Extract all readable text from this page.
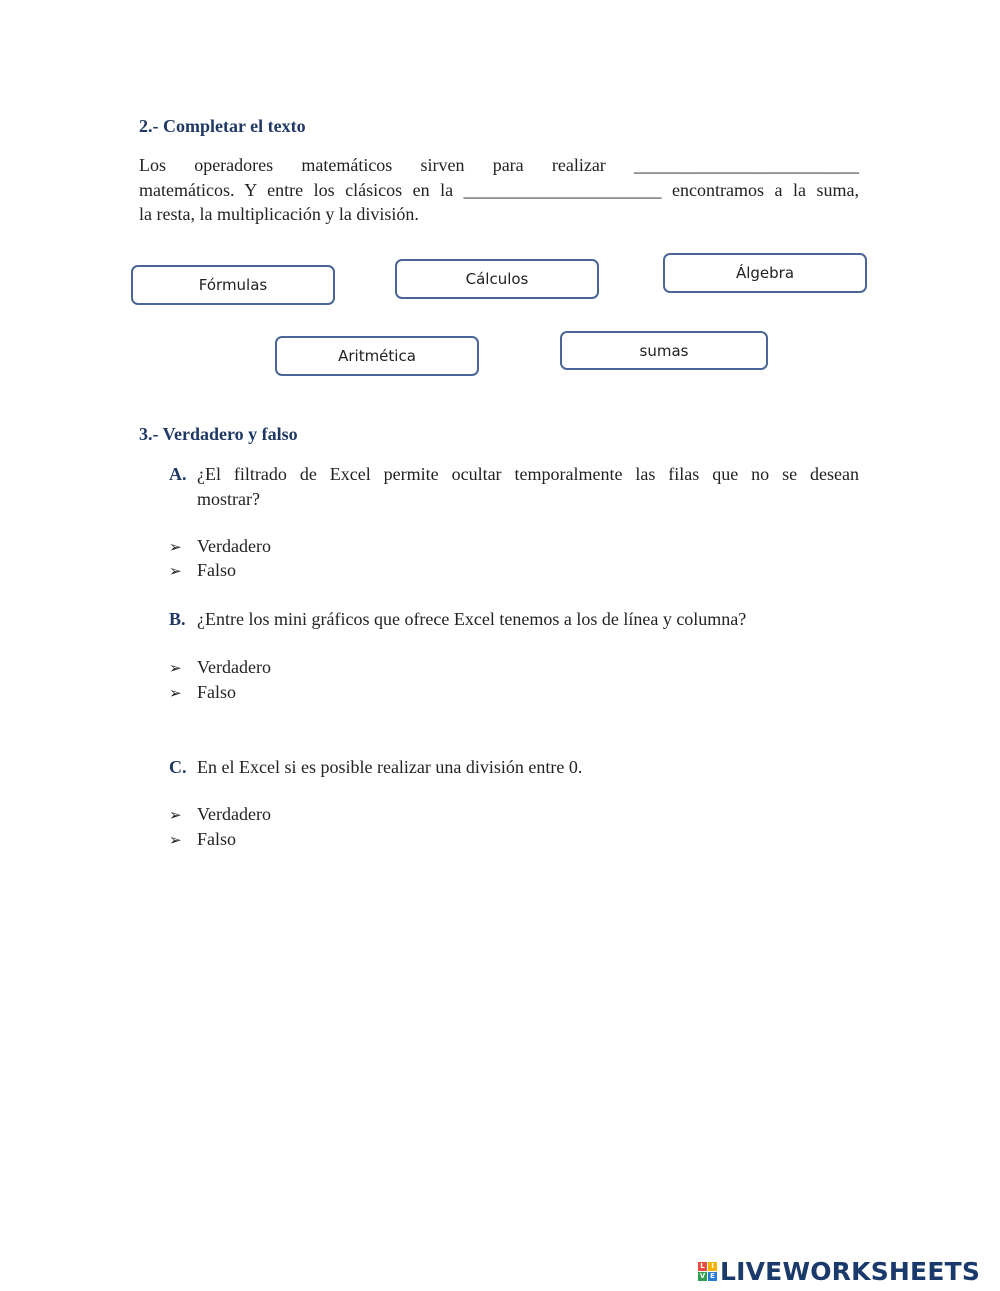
2.- Completar el texto
Los operadores matemáticos sirven para realizar _________________________
matemáticos. Y entre los clásicos en la ______________________ encontramos a la suma,
la resta, la multiplicación y la división.
Fórmulas	Cálculos	Álgebra
Aritmética	sumas
3.- Verdadero y falso
A. ¿El filtrado de Excel permite ocultar temporalmente las filas que no se desean
mostrar?
➢ Verdadero
➢ Falso
B. ¿Entre los mini gráficos que ofrece Excel tenemos a los de línea y columna?
➢ Verdadero
➢ Falso
C. En el Excel si es posible realizar una división entre 0.
➢ Verdadero
➢ Falso
L I
V E LIVEWORKSHEETS
